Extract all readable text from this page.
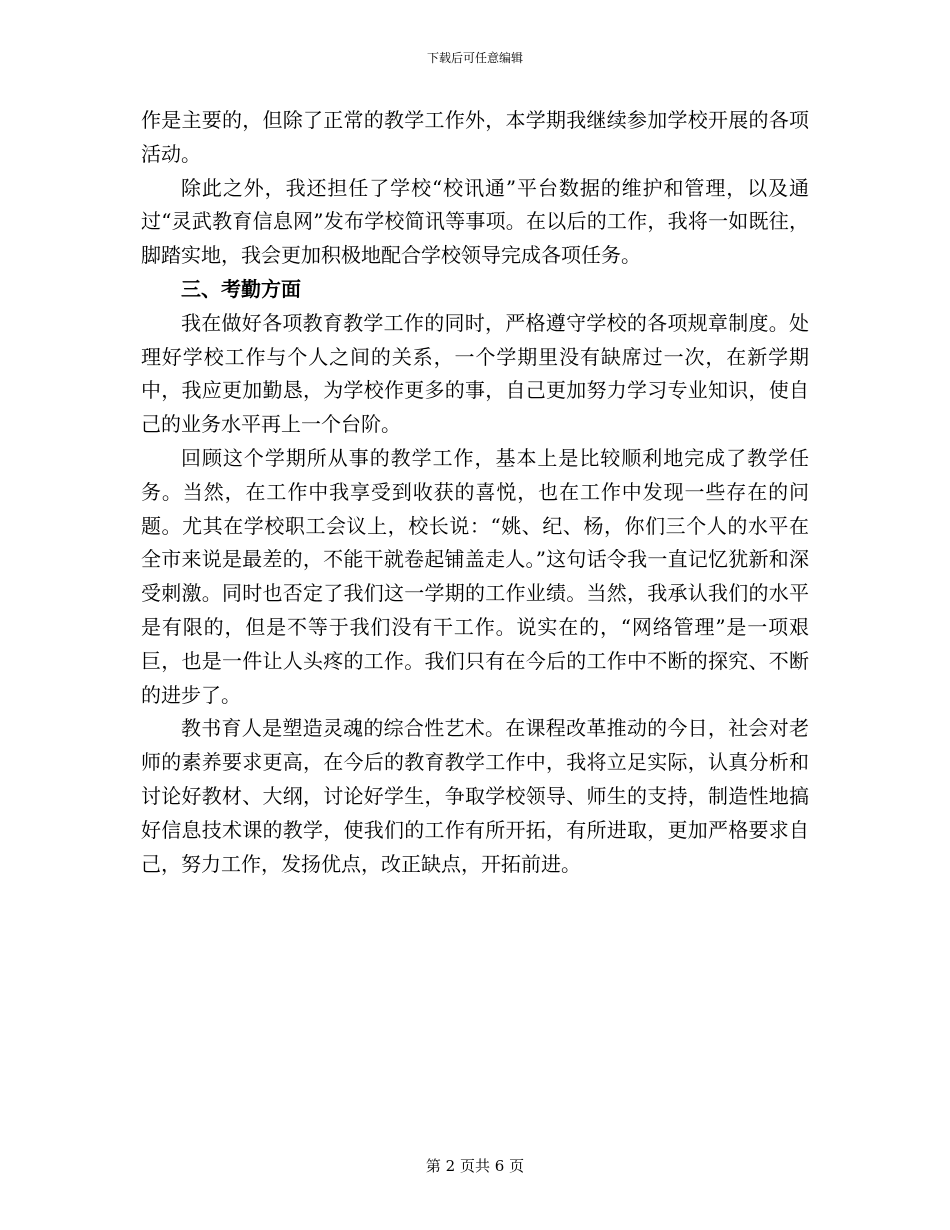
下载后可任意编辑

作是主要的，但除了正常的教学工作外，本学期我继续参加学校开展的各项活动。

除此之外，我还担任了学校“校讯通”平台数据的维护和管理，以及通过“灵武教育信息网”发布学校简讯等事项。在以后的工作，我将一如既往，脚踏实地，我会更加积极地配合学校领导完成各项任务。

三、考勤方面

我在做好各项教育教学工作的同时，严格遵守学校的各项规章制度。处理好学校工作与个人之间的关系，一个学期里没有缺席过一次，在新学期中，我应更加勤恳，为学校作更多的事，自己更加努力学习专业知识，使自己的业务水平再上一个台阶。

回顾这个学期所从事的教学工作，基本上是比较顺利地完成了教学任务。当然，在工作中我享受到收获的喜悦，也在工作中发现一些存在的问题。尤其在学校职工会议上，校长说：“姚、纪、杨，你们三个人的水平在全市来说是最差的，不能干就卷起铺盖走人。”这句话令我一直记忆犹新和深受刺激。同时也否定了我们这一学期的工作业绩。当然，我承认我们的水平是有限的，但是不等于我们没有干工作。说实在的，“网络管理”是一项艰巨，也是一件让人头疼的工作。我们只有在今后的工作中不断的探究、不断的进步了。

教书育人是塑造灵魂的综合性艺术。在课程改革推动的今日，社会对老师的素养要求更高，在今后的教育教学工作中，我将立足实际，认真分析和讨论好教材、大纲，讨论好学生，争取学校领导、师生的支持，制造性地搞好信息技术课的教学，使我们的工作有所开拓，有所进取，更加严格要求自己，努力工作，发扬优点，改正缺点，开拓前进。

第 2 页共 6 页
